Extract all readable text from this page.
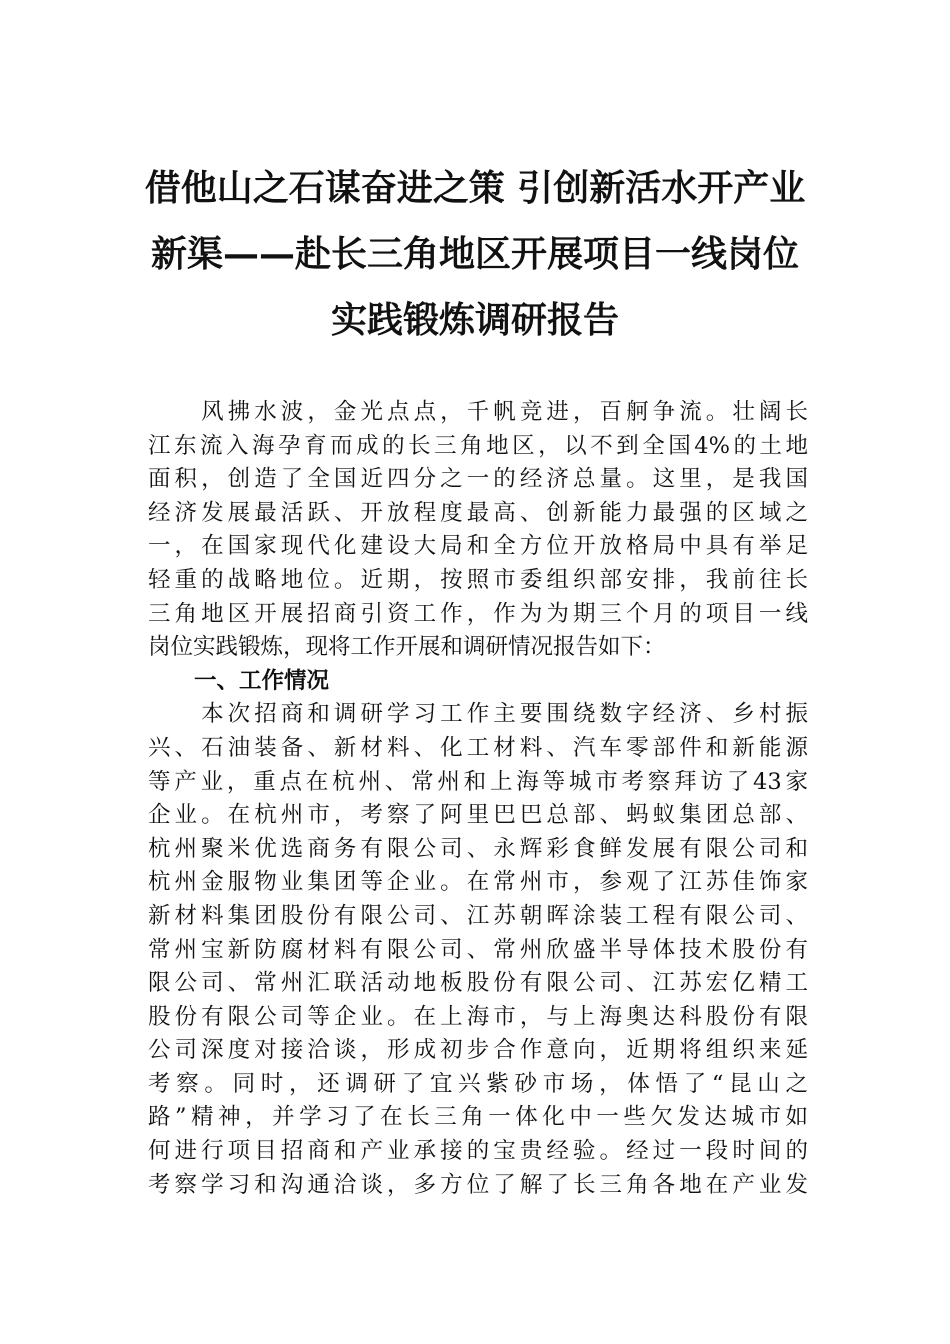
借他山之石谋奋进之策 引创新活水开产业
新渠——赴长三角地区开展项目一线岗位
实践锻炼调研报告

　　风拂水波，金光点点，千帆竞进，百舸争流。壮阔长
江东流入海孕育而成的长三角地区，以不到全国4%的土地
面积，创造了全国近四分之一的经济总量。这里，是我国
经济发展最活跃、开放程度最高、创新能力最强的区域之
一，在国家现代化建设大局和全方位开放格局中具有举足
轻重的战略地位。近期，按照市委组织部安排，我前往长
三角地区开展招商引资工作，作为为期三个月的项目一线
岗位实践锻炼，现将工作开展和调研情况报告如下：

一、工作情况

　　本次招商和调研学习工作主要围绕数字经济、乡村振
兴、石油装备、新材料、化工材料、汽车零部件和新能源
等产业，重点在杭州、常州和上海等城市考察拜访了43家
企业。在杭州市，考察了阿里巴巴总部、蚂蚁集团总部、
杭州聚米优选商务有限公司、永辉彩食鲜发展有限公司和
杭州金服物业集团等企业。在常州市，参观了江苏佳饰家
新材料集团股份有限公司、江苏朝晖涂装工程有限公司、
常州宝新防腐材料有限公司、常州欣盛半导体技术股份有
限公司、常州汇联活动地板股份有限公司、江苏宏亿精工
股份有限公司等企业。在上海市，与上海奥达科股份有限
公司深度对接洽谈，形成初步合作意向，近期将组织来延
考察。同时，还调研了宜兴紫砂市场，体悟了“昆山之
路”精神，并学习了在长三角一体化中一些欠发达城市如
何进行项目招商和产业承接的宝贵经验。经过一段时间的
考察学习和沟通洽谈，多方位了解了长三角各地在产业发
